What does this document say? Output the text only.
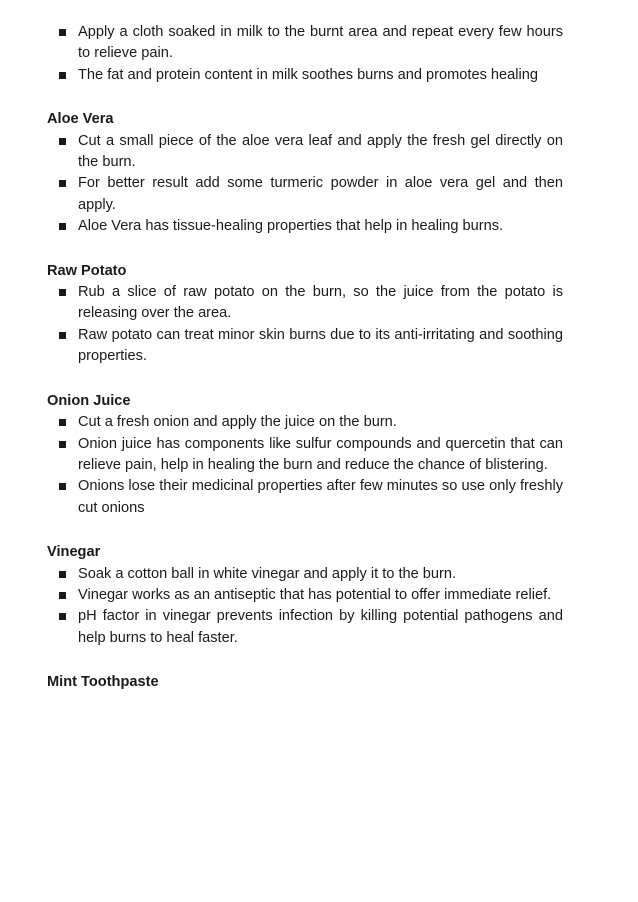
Apply a cloth soaked in milk to the burnt area and repeat every few hours to relieve pain.
The fat and protein content in milk soothes burns and promotes healing

Aloe Vera

Cut a small piece of the aloe vera leaf and apply the fresh gel directly on the burn.
For better result add some turmeric powder in aloe vera gel and then apply.
Aloe Vera has tissue-healing properties that help in healing burns.

Raw Potato

Rub a slice of raw potato on the burn, so the juice from the potato is releasing over the area.
Raw potato can treat minor skin burns due to its anti-irritating and soothing properties.

Onion Juice

Cut a fresh onion and apply the juice on the burn.
Onion juice has components like sulfur compounds and quercetin that can relieve pain, help in healing the burn and reduce the chance of blistering.
Onions lose their medicinal properties after few minutes so use only freshly cut onions

Vinegar

Soak a cotton ball in white vinegar and apply it to the burn.
Vinegar works as an antiseptic that has potential to offer immediate relief.
pH factor in vinegar prevents infection by killing potential pathogens and help burns to heal faster.

Mint Toothpaste
